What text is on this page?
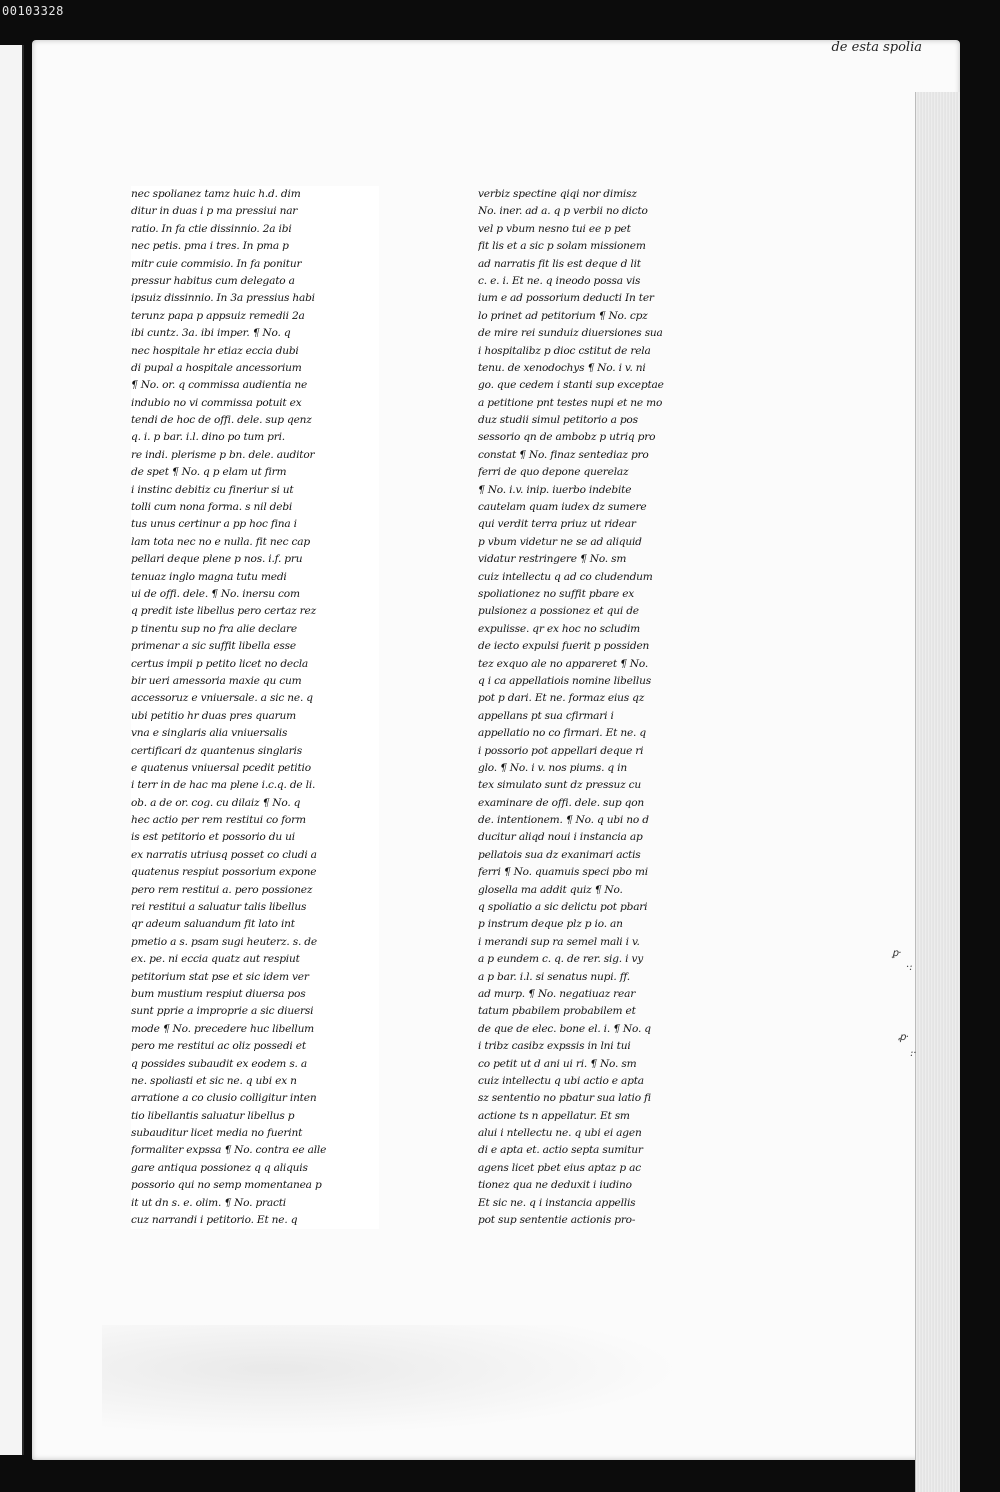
00103328
de esta spolia
nec spolianez tamz huic h.d. dim
ditur in duas i p ma pressiui nar
ratio. In fa ctie dissinnio. 2a ibi
nec petis. pma i tres. In pma p
mitr cuie commisio. In fa ponitur
pressur habitus cum delegato a
ipsuiz dissinnio. In 3a pressius habi
terunz papa p appsuiz remedii 2a
ibi cuntz. 3a. ibi imper. ¶ No. q
nec hospitale hr etiaz eccia dubi
di pupal a hospitale ancessorium
¶ No. or. q commissa audientia ne
indubio no vi commissa potuit ex
tendi de hoc de offi. dele. sup qenz
q. i. p bar. i.l. dino po tum pri.
re indi. plerisme p bn. dele. auditor
de spet ¶ No. q p elam ut firm
i instinc debitiz cu fineriur si ut
tolli cum nona forma. s nil debi
tus unus certinur a pp hoc fina i
lam tota nec no e nulla. fit nec cap
pellari deque plene p nos. i.f. pru
tenuaz inglo magna tutu medi
ui de offi. dele. ¶ No. inersu com
q predit iste libellus pero certaz rez
p tinentu sup no fra alie declare
primenar a sic suffit libella esse
certus impii p petito licet no decla
bir ueri amessoria maxie qu cum
accessoruz e vniuersale. a sic ne. q
ubi petitio hr duas pres quarum
vna e singlaris alia vniuersalis
certificari dz quantenus singlaris
e quatenus vniuersal pcedit petitio
i terr in de hac ma plene i.c.q. de li.
ob. a de or. cog. cu dilaiz ¶ No. q
hec actio per rem restitui co form
is est petitorio et possorio du ui
ex narratis utriusq posset co cludi a
quatenus respiut possorium expone
pero rem restitui a. pero possionez
rei restitui a saluatur talis libellus
qr adeum saluandum fit lato int
pmetio a s. psam sugi heuterz. s. de
ex. pe. ni eccia quatz aut respiut
petitorium stat pse et sic idem ver
bum mustium respiut diuersa pos
sunt pprie a improprie a sic diuersi
mode ¶ No. precedere huc libellum
pero me restitui ac oliz possedi et
q possides subaudit ex eodem s. a
ne. spoliasti et sic ne. q ubi ex n
arratione a co clusio colligitur inten
tio libellantis saluatur libellus p
subauditur licet media no fuerint
formaliter expssa ¶ No. contra ee alle
gare antiqua possionez q q aliquis
possorio qui no semp momentanea p
it ut dn s. e. olim. ¶ No. practi
cuz narrandi i petitorio. Et ne. q
verbiz spectine qiqi nor dimisz
No. iner. ad a. q p verbii no dicto
vel p vbum nesno tui ee p pet
fit lis et a sic p solam missionem
ad narratis fit lis est deque d lit
c. e. i. Et ne. q ineodo possa vis
ium e ad possorium deducti In ter
lo prinet ad petitorium ¶ No. cpz
de mire rei sunduiz diuersiones sua
i hospitalibz p dioc cstitut de rela
tenu. de xenodochys ¶ No. i v. ni
go. que cedem i stanti sup exceptae
a petitione pnt testes nupi et ne mo
duz studii simul petitorio a pos
sessorio qn de ambobz p utriq pro
constat ¶ No. finaz sentediaz pro
ferri de quo depone querelaz
¶ No. i.v. inip. iuerbo indebite
cautelam quam iudex dz sumere
qui verdit terra priuz ut ridear
p vbum videtur ne se ad aliquid
vidatur restringere ¶ No. sm
cuiz intellectu q ad co cludendum
spoliationez no suffit pbare ex
pulsionez a possionez et qui de
expulisse. qr ex hoc no scludim
de iecto expulsi fuerit p possiden
tez exquo ale no appareret ¶ No.
q i ca appellatiois nomine libellus
pot p dari. Et ne. formaz eius qz
appellans pt sua cfirmari i
appellatio no co firmari. Et ne. q
i possorio pot appellari deque ri
glo. ¶ No. i v. nos piums. q in
tex simulato sunt dz pressuz cu
examinare de offi. dele. sup qon
de. intentionem. ¶ No. q ubi no d
ducitur aliqd noui i instancia ap
pellatois sua dz exanimari actis
ferri ¶ No. quamuis speci pbo mi
glosella ma addit quiz ¶ No.
q spoliatio a sic delictu pot pbari
p instrum deque plz p io. an
i merandi sup ra semel mali i v.
a p eundem c. q. de rer. sig. i vy
a p bar. i.l. si senatus nupi. ff.
ad murp. ¶ No. negatiuaz rear
tatum pbabilem probabilem et
de que de elec. bone el. i. ¶ No. q
i tribz casibz expssis in lni tui
co petit ut d ani ui ri. ¶ No. sm
cuiz intellectu q ubi actio e apta
sz sententio no pbatur sua latio fi
actione ts n appellatur. Et sm
alui i ntellectu ne. q ubi ei agen
di e apta et. actio septa sumitur
agens licet pbet eius aptaz p ac
tionez qua ne deduxit i iudino
Et sic ne. q i instancia appellis
pot sup sententie actionis pro-
ꝑ·
·:
ꝓ·
:·
